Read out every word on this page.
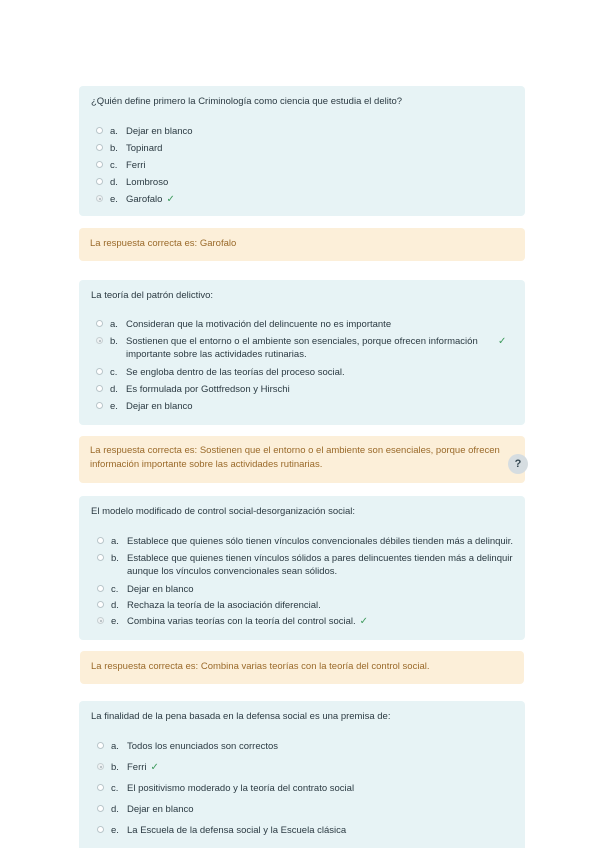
¿Quién define primero la Criminología como ciencia que estudia el delito?
a. Dejar en blanco
b. Topinard
c. Ferri
d. Lombroso
e. Garofalo ✓
La respuesta correcta es: Garofalo
La teoría del patrón delictivo:
a. Consideran que la motivación del delincuente no es importante
b. Sostienen que el entorno o el ambiente son esenciales, porque ofrecen información
importante sobre las actividades rutinarias.
✓
c. Se engloba dentro de las teorías del proceso social.
d. Es formulada por Gottfredson y Hirschi
e. Dejar en blanco
La respuesta correcta es: Sostienen que el entorno o el ambiente son esenciales, porque ofrecen
información importante sobre las actividades rutinarias.	?
El modelo modificado de control social-desorganización social:
a. Establece que quienes sólo tienen vínculos convencionales débiles tienden más a delinquir.
b. Establece que quienes tienen vínculos sólidos a pares delincuentes tienden más a delinquir
aunque los vínculos convencionales sean sólidos.
c. Dejar en blanco
d. Rechaza la teoría de la asociación diferencial.
e. Combina varias teorías con la teoría del control social. ✓
La respuesta correcta es: Combina varias teorías con la teoría del control social.
La finalidad de la pena basada en la defensa social es una premisa de:
a. Todos los enunciados son correctos
b. Ferri ✓
c. El positivismo moderado y la teoría del contrato social
d. Dejar en blanco
e. La Escuela de la defensa social y la Escuela clásica
